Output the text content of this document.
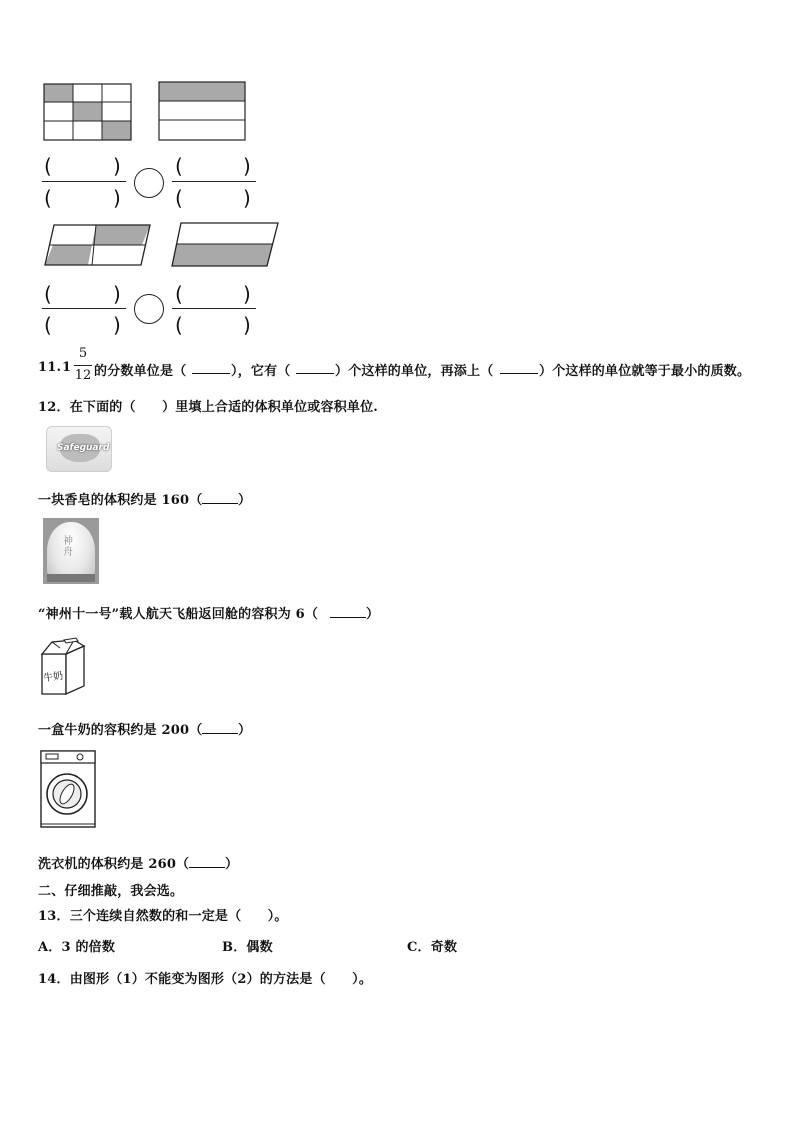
(	)
(	)
(	)
(	)
(	)
(	)
(	)
(	)
11. 1
5
12 的分数单位是（	），它有（	）个这样的单位，再添上（	）个这样的单位就等于最小的质数。
12．在下面的（　　）里填上合适的体积单位或容积单位.
Safeguard
一块香皂的体积约是 160（	）
神舟
“神州十一号”载人航天飞船返回舱的容积为 6（	）
牛奶
一盒牛奶的容积约是 200（	）
洗衣机的体积约是 260（	）
二、仔细推敲，我会选。
13．三个连续自然数的和一定是（　　）。
A．3 的倍数	B．偶数	C．奇数
14．由图形（1）不能变为图形（2）的方法是（　　）。
